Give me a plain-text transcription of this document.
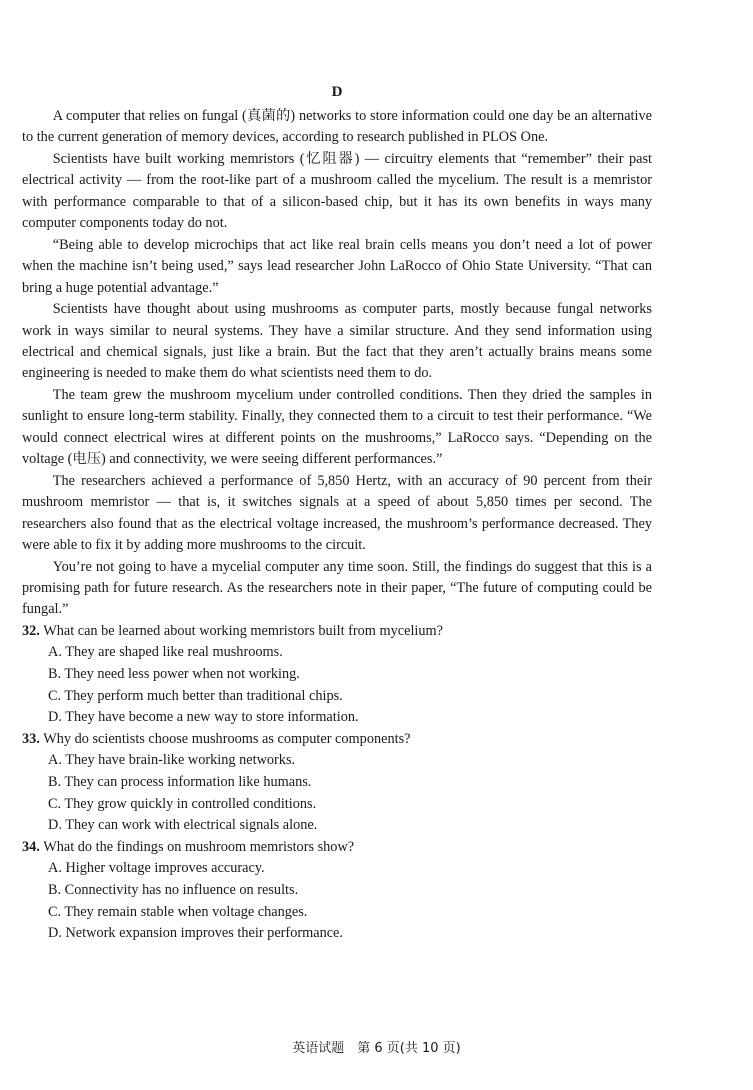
D

A computer that relies on fungal (真菌的) networks to store information could one day be an alternative to the current generation of memory devices, according to research published in PLOS One.

Scientists have built working memristors (忆阻器) — circuitry elements that “remember” their past electrical activity — from the root-like part of a mushroom called the mycelium. The result is a memristor with performance comparable to that of a silicon-based chip, but it has its own benefits in ways many computer components today do not.

“Being able to develop microchips that act like real brain cells means you don’t need a lot of power when the machine isn’t being used,” says lead researcher John LaRocco of Ohio State University. “That can bring a huge potential advantage.”

Scientists have thought about using mushrooms as computer parts, mostly because fungal networks work in ways similar to neural systems. They have a similar structure. And they send information using electrical and chemical signals, just like a brain. But the fact that they aren’t actually brains means some engineering is needed to make them do what scientists need them to do.

The team grew the mushroom mycelium under controlled conditions. Then they dried the samples in sunlight to ensure long-term stability. Finally, they connected them to a circuit to test their performance. “We would connect electrical wires at different points on the mushrooms,” LaRocco says. “Depending on the voltage (电压) and connectivity, we were seeing different performances.”

The researchers achieved a performance of 5,850 Hertz, with an accuracy of 90 percent from their mushroom memristor — that is, it switches signals at a speed of about 5,850 times per second. The researchers also found that as the electrical voltage increased, the mushroom’s performance decreased. They were able to fix it by adding more mushrooms to the circuit.

You’re not going to have a mycelial computer any time soon. Still, the findings do suggest that this is a promising path for future research. As the researchers note in their paper, “The future of computing could be fungal.”

32. What can be learned about working memristors built from mycelium?

A. They are shaped like real mushrooms.

B. They need less power when not working.

C. They perform much better than traditional chips.

D. They have become a new way to store information.

33. Why do scientists choose mushrooms as computer components?

A. They have brain-like working networks.

B. They can process information like humans.

C. They grow quickly in controlled conditions.

D. They can work with electrical signals alone.

34. What do the findings on mushroom memristors show?

A. Higher voltage improves accuracy.

B. Connectivity has no influence on results.

C. They remain stable when voltage changes.

D. Network expansion improves their performance.

英语试题　第 6 页(共 10 页)
